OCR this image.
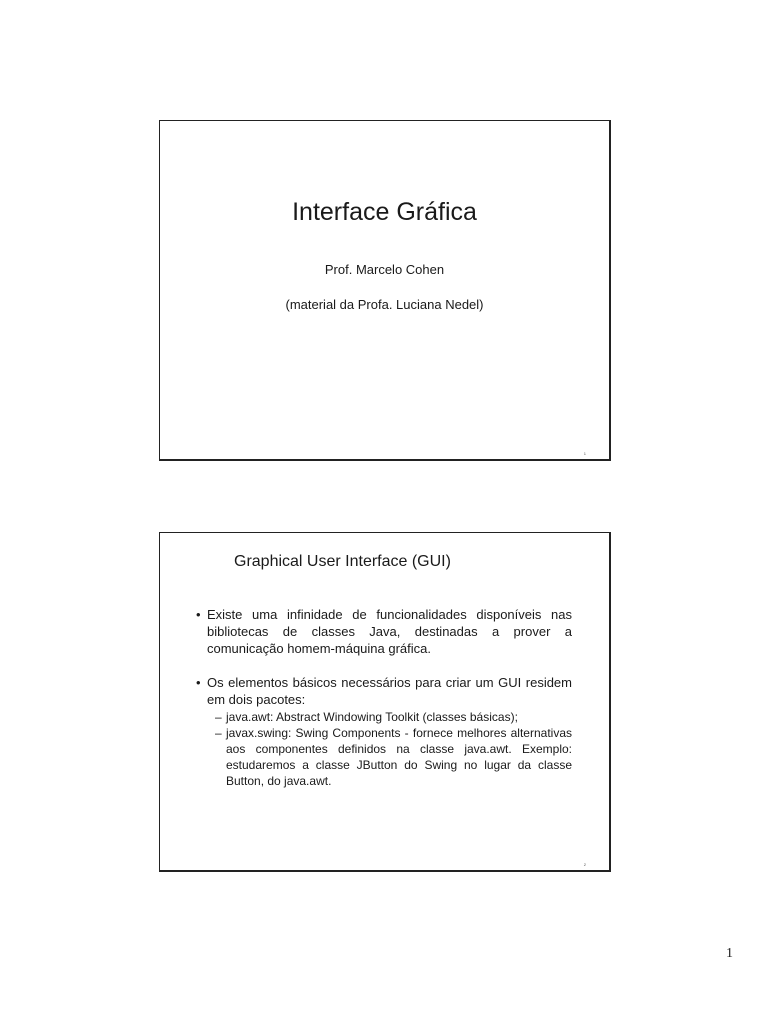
Interface Gráfica
Prof. Marcelo Cohen
(material da Profa. Luciana Nedel)
1
Graphical User Interface (GUI)
• Existe uma infinidade de funcionalidades disponíveis nas bibliotecas de classes Java, destinadas a prover a comunicação homem-máquina gráfica.
• Os elementos básicos necessários para criar um GUI residem em dois pacotes:
– java.awt: Abstract Windowing Toolkit (classes básicas);
– javax.swing: Swing Components - fornece melhores alternativas aos componentes definidos na classe java.awt. Exemplo: estudaremos a classe JButton do Swing no lugar da classe Button, do java.awt.
2
1
